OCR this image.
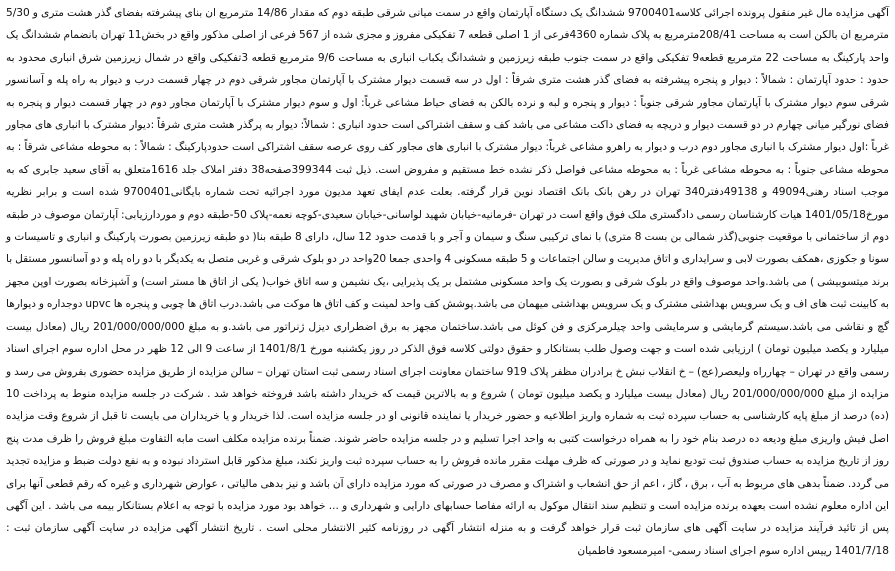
آگهی مزایده مال غیر منقول پرونده اجرائی کلاسه9700401 ششدانگ یک دستگاه آپارتمان واقع در سمت میانی شرقی طبقه دوم که مقدار 14/86 مترمربع ان بنای پیشرفته بفضای گذر هشت متری و 5/30 مترمربع ان بالکن است به مساحت 208/41مترمربع به پلاک شماره 4360فرعی از 1 اصلی قطعه 7 تفکیکی مفروز و مجزی شده از 567 فرعی از اصلی مذکور واقع در بخش11 تهران بانضمام ششدانگ یک واحد پارکینگ به مساحت 22 مترمربع قطعه9 تفکیکی واقع در سمت جنوب طبقه زیرزمین و ششدانگ یکباب انباری به مساحت 9/6 مترمربع قطعه 3تفکیکی واقع در شمال زیرزمین شرق انباری محدود به حدود : حدود آپارتمان : شمالاً : دیوار و پنجره پیشرفته به فضای گذر هشت متری شرقاً : اول در سه قسمت دیوار مشترک با آپارتمان مجاور شرقی دوم در چهار قسمت درب و دیوار به راه پله و آسانسور شرقی سوم دیوار مشترک با آپارتمان مجاور شرقی جنوباً : دیوار و پنجره و لبه و نرده بالکن به فضای حیاط مشاعی غرباً: اول و سوم دیوار مشترک با آپارتمان مجاور دوم در چهار قسمت دیوار و پنجره به فضای نورگیر میانی چهارم در دو قسمت دیوار و دریچه به فضای داکت مشاعی می باشد کف و سقف اشتراکی است حدود انباری : شمالاً: دیوار به پرگذر هشت متری شرقاً :دیوار مشترک با انباری های مجاور غرباً :اول دیوار مشترک با انباری مجاور دوم درب و دیوار به راهرو مشاعی غرباً: دیوار مشترک با انباری های مجاور کف روی عرصه سقف اشتراکی است حدودپارکینگ : شمالاً : به محوطه مشاعی شرقاً : به محوطه مشاعی جنوباً : به محوطه مشاعی غرباً : به محوطه مشاعی فواصل ذکر نشده خط مستقیم و مفروض است. ذیل ثبت 399344صفحه38 دفتر املاک جلد 1616متعلق به آقای سعید جابری که به موجب اسناد رهنی49094 و 49138دفتر340 تهران در رهن بانک بانک اقتصاد نوین قرار گرفته. بعلت عدم ایفای تعهد مدیون مورد اجرائیه تحت شماره بایگانی9700401 شده است و برابر نظریه مورخ1401/05/18 هیات کارشناسان رسمی دادگستری ملک فوق واقع است در تهران -فرمانیه-خیابان شهید لواسانی-خیابان سعیدی-کوچه نعمه-پلاک 50-طبقه دوم و موردارزیابی: آپارتمان موصوف در طبقه دوم از ساختمانی با موقعیت جنوبی(گذر شمالی بن بست 8 متری) با نمای ترکیبی سنگ و سیمان و آجر و با قدمت حدود 12 سال، دارای 8 طبقه بنا( دو طبقه زیرزمین بصورت پارکینگ و انباری و تاسیسات و سونا و جکوزی ،همکف بصورت لابی و سرایداری و اتاق مدیریت و سالن اجتماعات و 5 طبقه مسکونی 4 واحدی جمعا 20واحد در دو بلوک شرقی و غربی متصل به یکدیگر با دو راه پله و دو آسانسور مستقل با برند میتسوبیشی ) می باشد.واحد موصوف واقع در بلوک شرقی و بصورت یک واحد مسکونی مشتمل بر یک پذیرایی ،یک نشیمن و سه اتاق خواب( یکی از اتاق ها مستر است) و آشپزخانه بصورت اوپن مجهز به کابینت ثبت های اف و یک سرویس بهداشتی مشترک و یک سرویس بهداشتی میهمان می باشد.پوشش کف واحد لمینت و کف اتاق ها موکت می باشد.درب اتاق ها چوبی و پنجره ها upvc دوجداره و دیوارها گچ و نقاشی می باشد.سیستم گرمایشی و سرمایشی واحد چیلرمرکزی و فن کوئل می باشد.ساختمان مجهز به برق اضطراری دیزل ژنراتور می باشد.و به مبلغ 201/000/000/000 ریال (معادل بیست میلیارد و یکصد میلیون تومان ) ارزیابی شده است و جهت وصول طلب بستانکار و حقوق دولتی کلاسه فوق الذکر در روز یکشنبه مورخ 1401/8/1 از ساعت 9 الی 12 ظهر در محل اداره سوم اجرای اسناد رسمی واقع در تهران – چهارراه ولیعصر(عج) – خ انقلاب نبش خ برادران مظفر پلاک 919 ساختمان معاونت اجرای اسناد رسمی ثبت استان تهران – سالن مزایده از طریق مزایده حضوری بفروش می رسد و مزایده از مبلغ 201/000/000/000 ریال (معادل بیست میلیارد و یکصد میلیون تومان ) شروع و به بالاترین قیمت که خریدار داشته باشد فروخته خواهد شد . شرکت در جلسه مزایده منوط به پرداخت 10 (ده) درصد از مبلغ پایه کارشناسی به حساب سپرده ثبت به شماره واریز اطلاعیه و حضور خریدار یا نماینده قانونی او در جلسه مزایده است. لذا خریدار و یا خریداران می بایست تا قبل از شروع وقت مزایده اصل فیش واریزی مبلغ ودیعه ده درصد بنام خود را به همراه درخواست کتبی به واحد اجرا تسلیم و در جلسه مزایده حاضر شوند. ضمناً برنده مزایده مکلف است مابه التفاوت مبلغ فروش را ظرف مدت پنج روز از تاریخ مزایده به حساب صندوق ثبت تودیع نماید و در صورتی که ظرف مهلت مقرر مانده فروش را به حساب سپرده ثبت واریز نکند، مبلغ مذکور قابل استرداد نبوده و به نفع دولت ضبط و مزایده تجدید می گردد. ضمناً بدهی های مربوط به آب ، برق ، گاز ، اعم از حق انشعاب و اشتراک و مصرف در صورتی که مورد مزایده دارای آن باشد و نیز بدهی مالیاتی ، عوارض شهرداری و غیره که رقم قطعی آنها برای این اداره معلوم نشده است بعهده برنده مزایده است و تنظیم سند انتقال موکول به ارائه مفاصا حسابهای دارایی و شهرداری و ... خواهد بود مورد مزایده با توجه به اعلام بستانکار بیمه می باشد . این آگهی پس از تائید فرآیند مزایده در سایت آگهی های سازمان ثبت قرار خواهد گرفت و به منزله انتشار آگهی در روزنامه کثیر الانتشار محلی است . تاریخ انتشار آگهی مزایده در سایت آگهی سازمان ثبت : 1401/7/18 رییس اداره سوم اجرای اسناد رسمی- امیرمسعود فاطمیان
